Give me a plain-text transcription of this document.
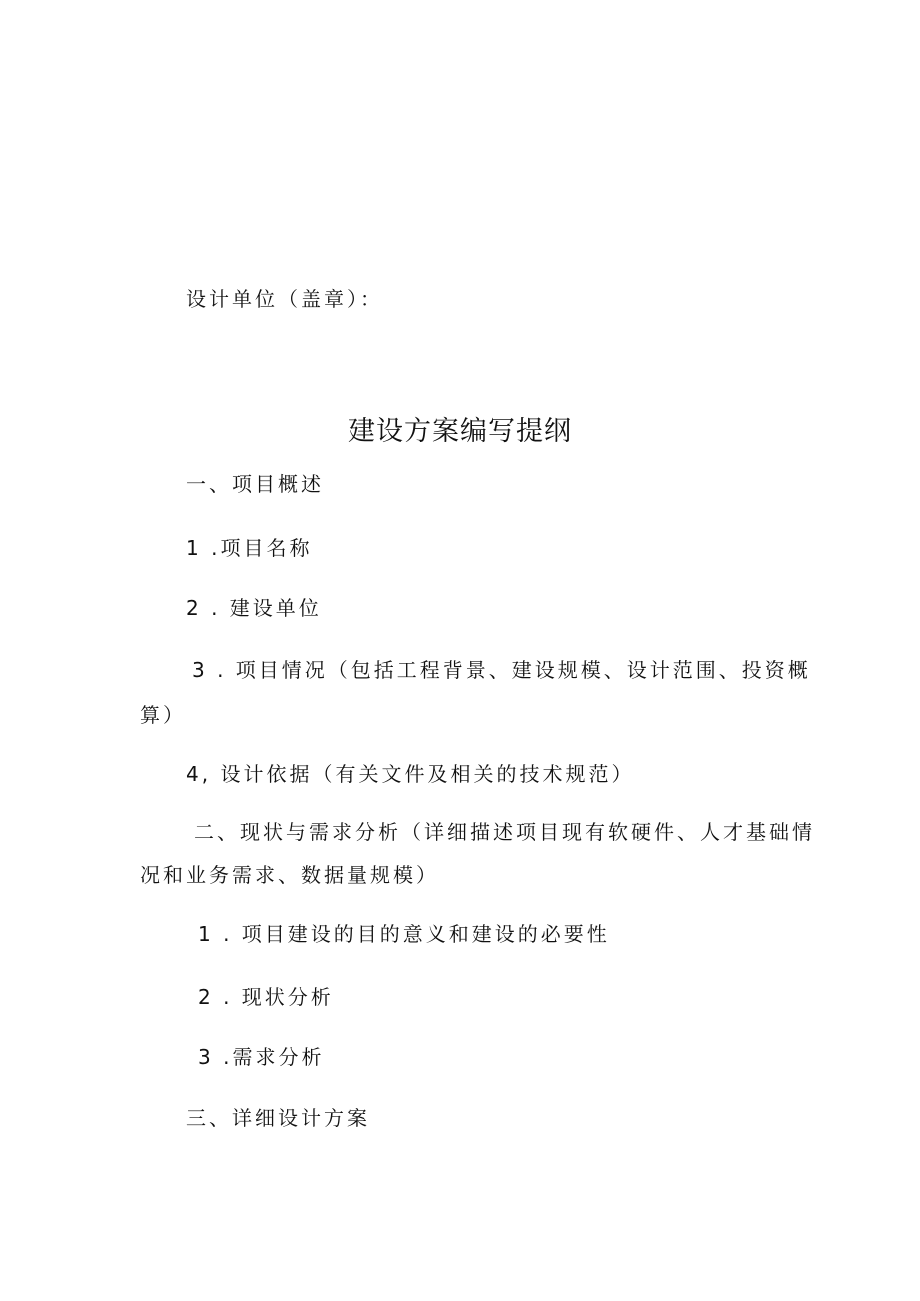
设计单位（盖章）：
建设方案编写提纲
一、项目概述
1 .项目名称
2 . 建设单位
3 . 项目情况（包括工程背景、建设规模、设计范围、投资概
算）
4, 设计依据（有关文件及相关的技术规范）
二、现状与需求分析（详细描述项目现有软硬件、人才基础情
况和业务需求、数据量规模）
1 . 项目建设的目的意义和建设的必要性
2 . 现状分析
3 .需求分析
三、详细设计方案
